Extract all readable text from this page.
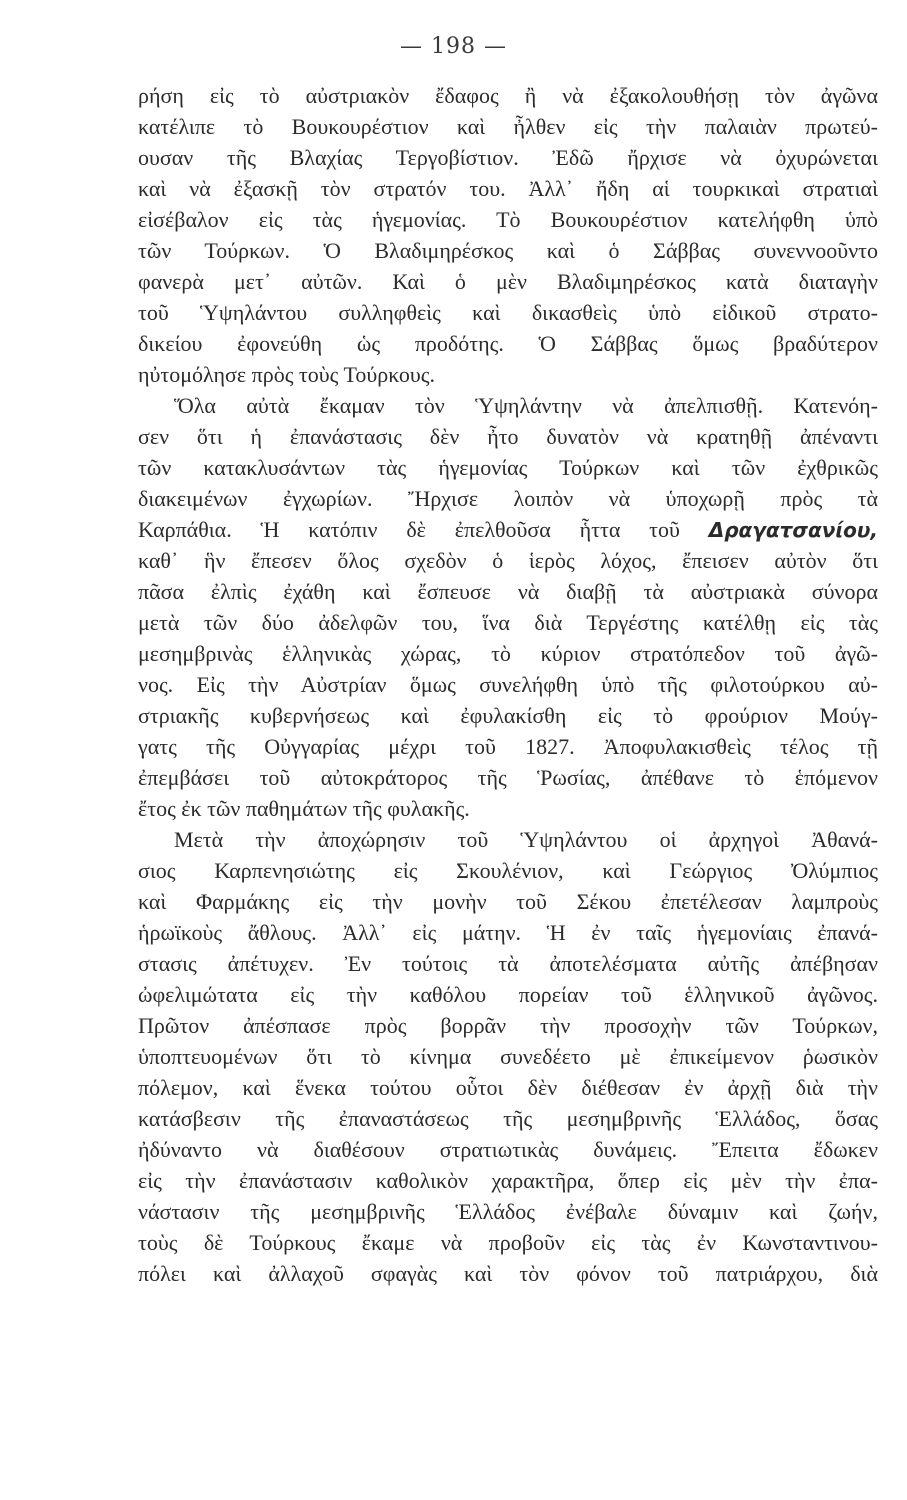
— 198 —
ρήση εἰς τὸ αὐστριακὸν ἔδαφος ἢ νὰ ἐξακολουθήσῃ τὸν ἀγῶνα
κατέλιπε τὸ Βουκουρέστιον καὶ ἦλθεν εἰς τὴν παλαιὰν πρωτεύ-
ουσαν τῆς Βλαχίας Τεργοβίστιον. Ἐδῶ ἤρχισε νὰ ὀχυρώνεται
καὶ νὰ ἐξασκῇ τὸν στρατόν του. Ἀλλ᾽ ἤδη αἱ τουρκικαὶ στρατιαὶ
εἰσέβαλον εἰς τὰς ἡγεμονίας. Τὸ Βουκουρέστιον κατελήφθη ὑπὸ
τῶν Τούρκων. Ὁ Βλαδιμηρέσκος καὶ ὁ Σάββας συνεννοοῦντο
φανερὰ μετ᾽ αὐτῶν. Καὶ ὁ μὲν Βλαδιμηρέσκος κατὰ διαταγὴν
τοῦ Ὑψηλάντου συλληφθεὶς καὶ δικασθεὶς ὑπὸ εἰδικοῦ στρατο-
δικείου ἐφονεύθη ὡς προδότης. Ὁ Σάββας ὅμως βραδύτερον
ηὐτομόλησε πρὸς τοὺς Τούρκους.
Ὅλα αὐτὰ ἔκαμαν τὸν Ὑψηλάντην νὰ ἀπελπισθῇ. Κατενόη-
σεν ὅτι ἡ ἐπανάστασις δὲν ἦτο δυνατὸν νὰ κρατηθῇ ἀπέναντι
τῶν κατακλυσάντων τὰς ἡγεμονίας Τούρκων καὶ τῶν ἐχθρικῶς
διακειμένων ἐγχωρίων. Ἤρχισε λοιπὸν νὰ ὑποχωρῇ πρὸς τὰ
Καρπάθια. Ἡ κατόπιν δὲ ἐπελθοῦσα ἧττα τοῦ Δραγατσανίου,
καθ᾽ ἣν ἔπεσεν ὅλος σχεδὸν ὁ ἱερὸς λόχος, ἔπεισεν αὐτὸν ὅτι
πᾶσα ἐλπὶς ἐχάθη καὶ ἔσπευσε νὰ διαβῇ τὰ αὐστριακὰ σύνορα
μετὰ τῶν δύο ἀδελφῶν του, ἵνα διὰ Τεργέστης κατέλθῃ εἰς τὰς
μεσημβρινὰς ἑλληνικὰς χώρας, τὸ κύριον στρατόπεδον τοῦ ἀγῶ-
νος. Εἰς τὴν Αὐστρίαν ὅμως συνελήφθη ὑπὸ τῆς φιλοτούρκου αὐ-
στριακῆς κυβερνήσεως καὶ ἐφυλακίσθη εἰς τὸ φρούριον Μούγ-
γατς τῆς Οὐγγαρίας μέχρι τοῦ 1827. Ἀποφυλακισθεὶς τέλος τῇ
ἐπεμβάσει τοῦ αὐτοκράτορος τῆς Ῥωσίας, ἀπέθανε τὸ ἑπόμενον
ἔτος ἐκ τῶν παθημάτων τῆς φυλακῆς.
Μετὰ τὴν ἀποχώρησιν τοῦ Ὑψηλάντου οἱ ἀρχηγοὶ Ἀθανά-
σιος Καρπενησιώτης εἰς Σκουλένιον, καὶ Γεώργιος Ὀλύμπιος
καὶ Φαρμάκης εἰς τὴν μονὴν τοῦ Σέκου ἐπετέλεσαν λαμπροὺς
ἡρωϊκοὺς ἄθλους. Ἀλλ᾽ εἰς μάτην. Ἡ ἐν ταῖς ἡγεμονίαις ἐπανά-
στασις ἀπέτυχεν. Ἐν τούτοις τὰ ἀποτελέσματα αὐτῆς ἀπέβησαν
ὠφελιμώτατα εἰς τὴν καθόλου πορείαν τοῦ ἑλληνικοῦ ἀγῶνος.
Πρῶτον ἀπέσπασε πρὸς βορρᾶν τὴν προσοχὴν τῶν Τούρκων,
ὑποπτευομένων ὅτι τὸ κίνημα συνεδέετο μὲ ἐπικείμενον ῥωσικὸν
πόλεμον, καὶ ἕνεκα τούτου οὗτοι δὲν διέθεσαν ἐν ἀρχῇ διὰ τὴν
κατάσβεσιν τῆς ἐπαναστάσεως τῆς μεσημβρινῆς Ἑλλάδος, ὅσας
ἠδύναντο νὰ διαθέσουν στρατιωτικὰς δυνάμεις. Ἔπειτα ἔδωκεν
εἰς τὴν ἐπανάστασιν καθολικὸν χαρακτῆρα, ὅπερ εἰς μὲν τὴν ἐπα-
νάστασιν τῆς μεσημβρινῆς Ἑλλάδος ἐνέβαλε δύναμιν καὶ ζωήν,
τοὺς δὲ Τούρκους ἔκαμε νὰ προβοῦν εἰς τὰς ἐν Κωνσταντινου-
πόλει καὶ ἀλλαχοῦ σφαγὰς καὶ τὸν φόνον τοῦ πατριάρχου, διὰ
